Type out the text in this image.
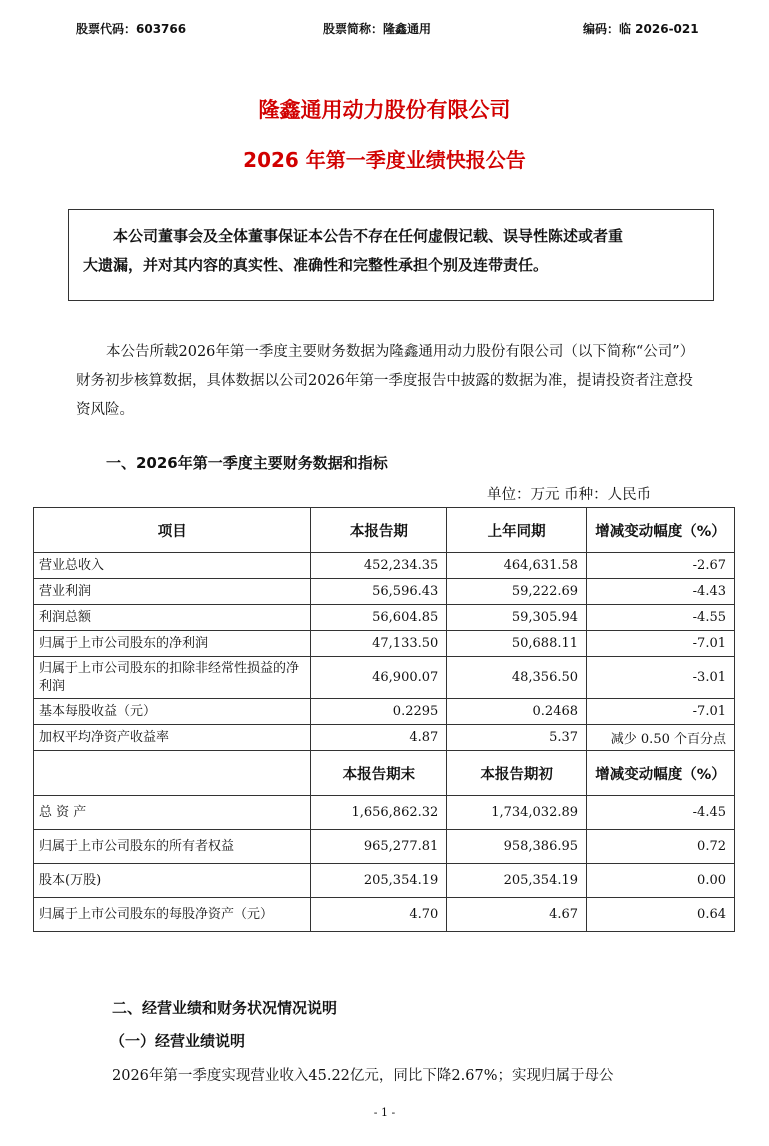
股票代码：603766	股票简称：隆鑫通用	编码：临 2026-021
隆鑫通用动力股份有限公司
2026 年第一季度业绩快报公告
本公司董事会及全体董事保证本公告不存在任何虚假记载、误导性陈述或者重
大遗漏，并对其内容的真实性、准确性和完整性承担个别及连带责任。
本公告所载2026年第一季度主要财务数据为隆鑫通用动力股份有限公司（以下简称“公司”）财务初步核算数据，具体数据以公司2026年第一季度报告中披露的数据为准，提请投资者注意投资风险。
一、2026年第一季度主要财务数据和指标
单位：万元 币种：人民币
项目	本报告期	上年同期	增减变动幅度（%）
营业总收入	452,234.35	464,631.58	-2.67
营业利润	56,596.43	59,222.69	-4.43
利润总额	56,604.85	59,305.94	-4.55
归属于上市公司股东的净利润	47,133.50	50,688.11	-7.01
归属于上市公司股东的扣除非经常性损益的净利润	46,900.07	48,356.50	-3.01
基本每股收益（元）	0.2295	0.2468	-7.01
加权平均净资产收益率	4.87	5.37	减少 0.50 个百分点
	本报告期末	本报告期初	增减变动幅度（%）
总 资 产	1,656,862.32	1,734,032.89	-4.45
归属于上市公司股东的所有者权益	965,277.81	958,386.95	0.72
股本(万股)	205,354.19	205,354.19	0.00
归属于上市公司股东的每股净资产（元）	4.70	4.67	0.64
二、经营业绩和财务状况情况说明
（一）经营业绩说明
2026年第一季度实现营业收入45.22亿元，同比下降2.67%；实现归属于母公
- 1 -
